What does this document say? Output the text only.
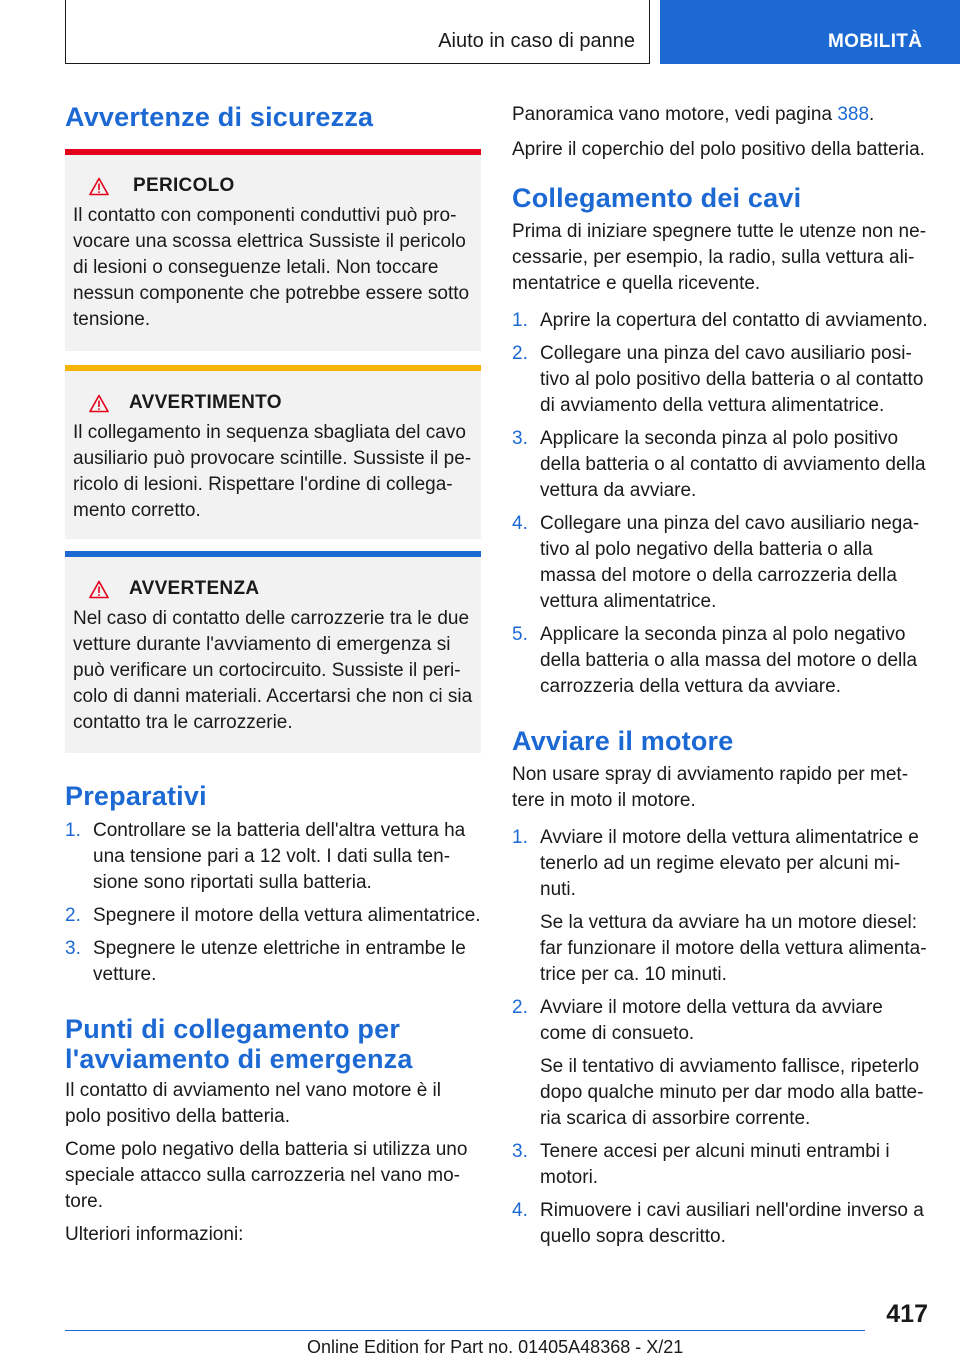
Aiuto in caso di panne	MOBILITÀ
Avvertenze di sicurezza
PERICOLO

Il contatto con componenti conduttivi può provocare una scossa elettrica Sussiste il pericolo di lesioni o conseguenze letali. Non toccare nessun componente che potrebbe essere sotto tensione.

AVVERTIMENTO

Il collegamento in sequenza sbagliata del cavo ausiliario può provocare scintille. Sussiste il pericolo di lesioni. Rispettare l'ordine di collegamento corretto.

AVVERTENZA

Nel caso di contatto delle carrozzerie tra le due vetture durante l'avviamento di emergenza si può verificare un cortocircuito. Sussiste il pericolo di danni materiali. Accertarsi che non ci sia contatto tra le carrozzerie.

Preparativi
1. Controllare se la batteria dell'altra vettura ha una tensione pari a 12 volt. I dati sulla tensione sono riportati sulla batteria.
2. Spegnere il motore della vettura alimentatrice.
3. Spegnere le utenze elettriche in entrambe le vetture.
Punti di collegamento per l'avviamento di emergenza

Il contatto di avviamento nel vano motore è il polo positivo della batteria.

Come polo negativo della batteria si utilizza uno speciale attacco sulla carrozzeria nel vano motore.

Ulteriori informazioni:

Panoramica vano motore, vedi pagina 388.

Aprire il coperchio del polo positivo della batteria.

Collegamento dei cavi

Prima di iniziare spegnere tutte le utenze non necessarie, per esempio, la radio, sulla vettura alimentatrice e quella ricevente.

1. Aprire la copertura del contatto di avviamento.
2. Collegare una pinza del cavo ausiliario positivo al polo positivo della batteria o al contatto di avviamento della vettura alimentatrice.
3. Applicare la seconda pinza al polo positivo della batteria o al contatto di avviamento della vettura da avviare.
4. Collegare una pinza del cavo ausiliario negativo al polo negativo della batteria o alla massa del motore o della carrozzeria della vettura alimentatrice.
5. Applicare la seconda pinza al polo negativo della batteria o alla massa del motore o della carrozzeria della vettura da avviare.
Avviare il motore

Non usare spray di avviamento rapido per mettere in moto il motore.

1. Avviare il motore della vettura alimentatrice e tenerlo ad un regime elevato per alcuni minuti.

Se la vettura da avviare ha un motore diesel: far funzionare il motore della vettura alimentatrice per ca. 10 minuti.

2. Avviare il motore della vettura da avviare come di consueto.

Se il tentativo di avviamento fallisce, ripeterlo dopo qualche minuto per dar modo alla batteria scarica di assorbire corrente.

3. Tenere accesi per alcuni minuti entrambi i motori.
4. Rimuovere i cavi ausiliari nell'ordine inverso a quello sopra descritto.
417
Online Edition for Part no. 01405A48368 - X/21
